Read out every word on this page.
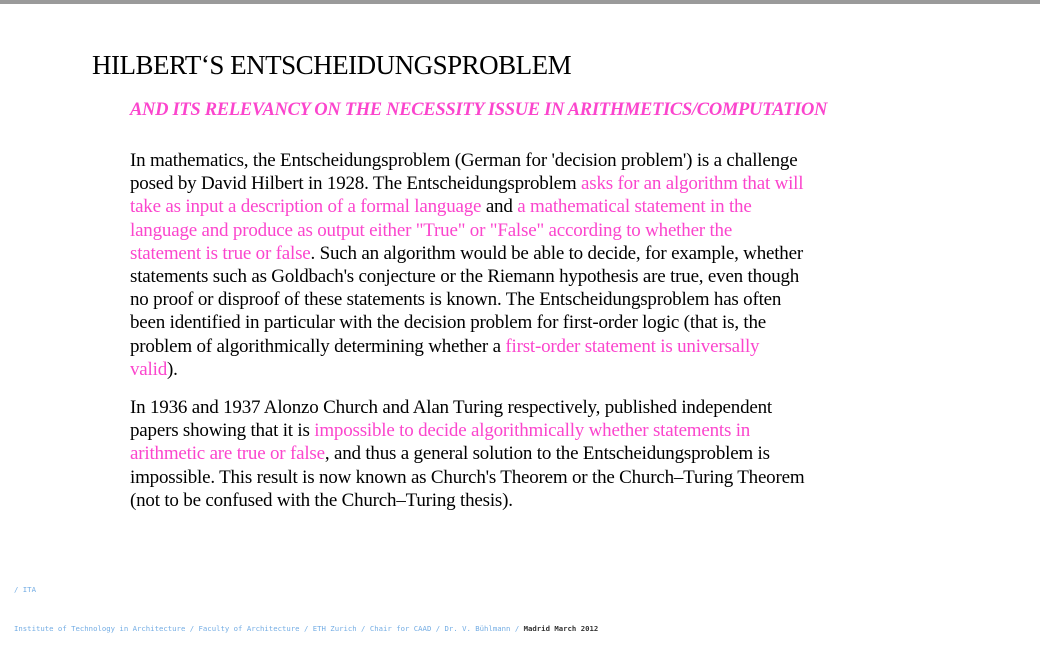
HILBERT‘S ENTSCHEIDUNGSPROBLEM
AND ITS RELEVANCY ON THE NECESSITY ISSUE IN ARITHMETICS/COMPUTATION
In mathematics, the Entscheidungsproblem (German for 'decision problem') is a challenge
posed by David Hilbert in 1928. The Entscheidungsproblem asks for an algorithm that will
take as input a description of a formal language and a mathematical statement in the
language and produce as output either "True" or "False" according to whether the
statement is true or false. Such an algorithm would be able to decide, for example, whether
statements such as Goldbach's conjecture or the Riemann hypothesis are true, even though
no proof or disproof of these statements is known. The Entscheidungsproblem has often
been identified in particular with the decision problem for first-order logic (that is, the
problem of algorithmically determining whether a first-order statement is universally
valid).
In 1936 and 1937 Alonzo Church and Alan Turing respectively, published independent
papers showing that it is impossible to decide algorithmically whether statements in
arithmetic are true or false, and thus a general solution to the Entscheidungsproblem is
impossible. This result is now known as Church's Theorem or the Church–Turing Theorem
(not to be confused with the Church–Turing thesis).

/ ITA

Institute of Technology in Architecture / Faculty of Architecture / ETH Zurich / Chair for CAAD / Dr. V. Bühlmann / Madrid March 2012
